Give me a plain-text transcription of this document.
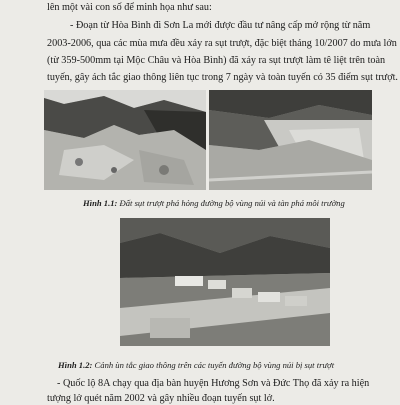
lên một vài con số để minh họa như sau:
- Đoạn từ Hòa Bình đi Sơn La mới được đầu tư nâng cấp mở rộng từ năm
2003-2006, qua các mùa mưa đều xảy ra sụt trượt, đặc biệt tháng 10/2007 do mưa lớn
(từ 359-500mm tại Mộc Châu và Hòa Bình) đã xảy ra sụt trượt làm tê liệt trên toàn
tuyến, gây ách tắc giao thông liên tục trong 7 ngày và toàn tuyến có 35 điểm sụt trượt.
Hình 1.1: Đất sụt trượt phá hỏng đường bộ vùng núi và tàn phá môi trường
Hình 1.2: Cảnh ùn tắc giao thông trên các tuyến đường bộ vùng núi bị sụt trượt
- Quốc lộ 8A chạy qua địa bàn huyện Hương Sơn và Đức Thọ đã xảy ra hiện
tượng lở quét năm 2002 và gây nhiều đoạn tuyến sụt lở.
